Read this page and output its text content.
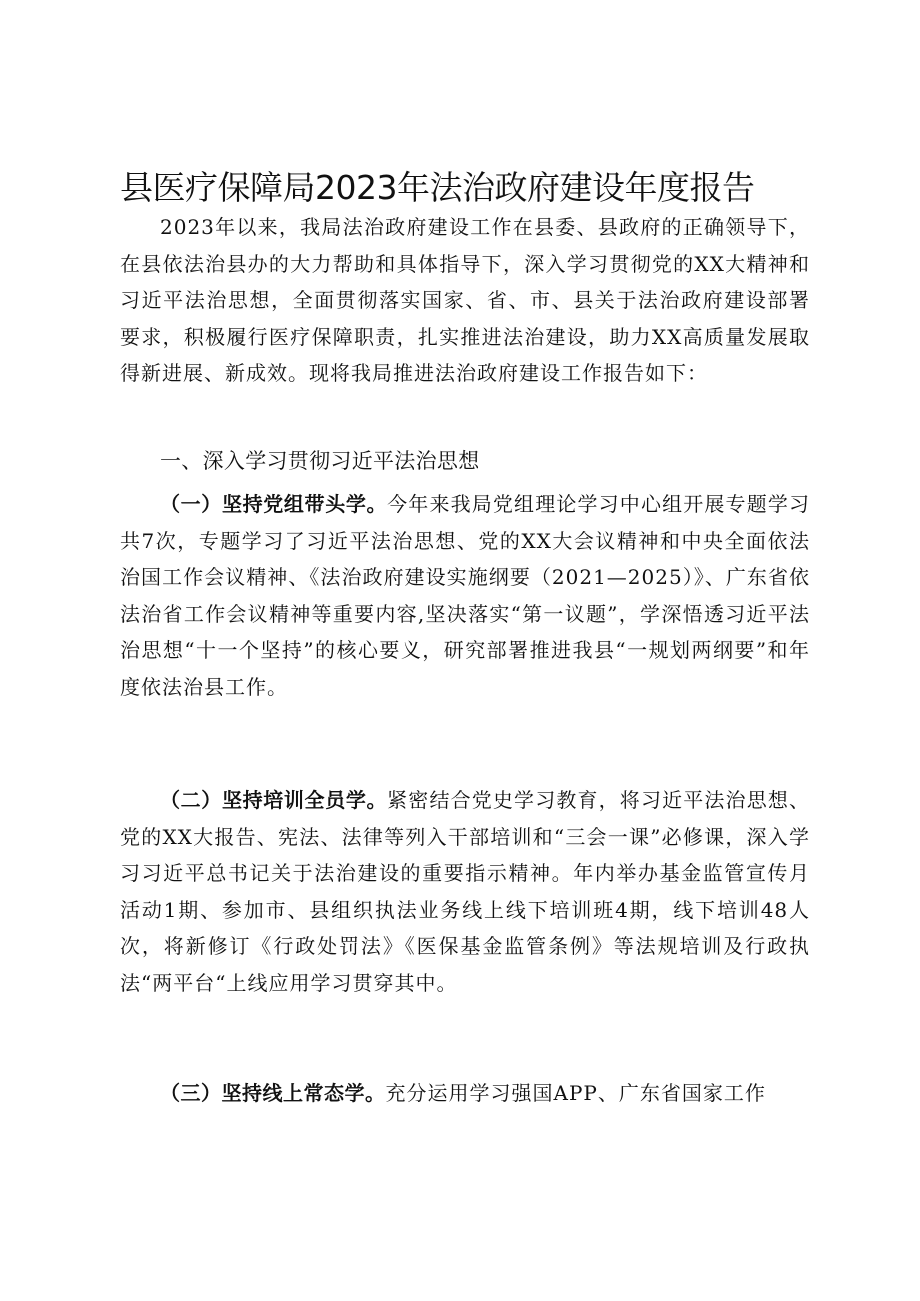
县医疗保障局2023年法治政府建设年度报告

2023年以来，我局法治政府建设工作在县委、县政府的正确领导下，在县依法治县办的大力帮助和具体指导下，深入学习贯彻党的XX大精神和习近平法治思想，全面贯彻落实国家、省、市、县关于法治政府建设部署要求，积极履行医疗保障职责，扎实推进法治建设，助力XX高质量发展取得新进展、新成效。现将我局推进法治政府建设工作报告如下：

一、深入学习贯彻习近平法治思想

（一）坚持党组带头学。今年来我局党组理论学习中心组开展专题学习共7次，专题学习了习近平法治思想、党的XX大会议精神和中央全面依法治国工作会议精神、《法治政府建设实施纲要（2021—2025）》、广东省依法治省工作会议精神等重要内容,坚决落实“第一议题”，学深悟透习近平法治思想“十一个坚持”的核心要义，研究部署推进我县“一规划两纲要”和年度依法治县工作。

（二）坚持培训全员学。紧密结合党史学习教育，将习近平法治思想、党的XX大报告、宪法、法律等列入干部培训和“三会一课”必修课，深入学习习近平总书记关于法治建设的重要指示精神。年内举办基金监管宣传月活动1期、参加市、县组织执法业务线上线下培训班4期，线下培训48人次，将新修订《行政处罚法》《医保基金监管条例》等法规培训及行政执法“两平台“上线应用学习贯穿其中。

（三）坚持线上常态学。充分运用学习强国APP、广东省国家工作
